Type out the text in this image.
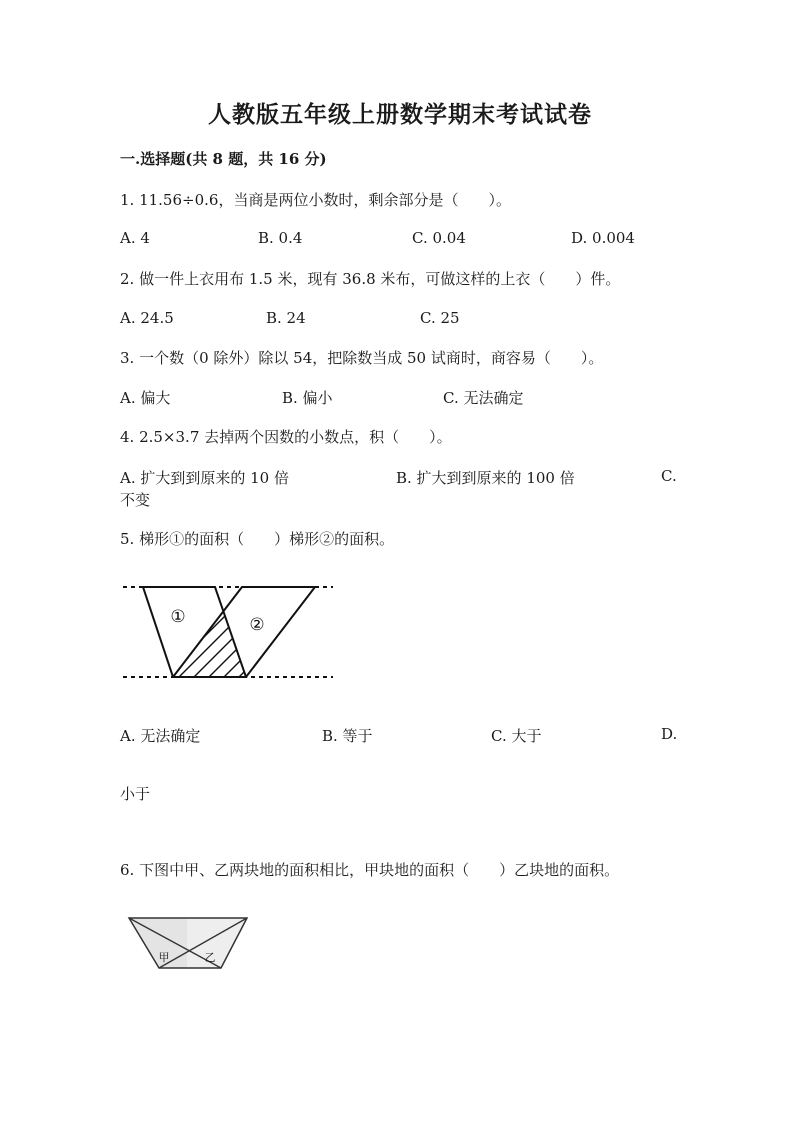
人教版五年级上册数学期末考试试卷
一.选择题(共 8 题，共 16 分)
1. 11.56÷0.6，当商是两位小数时，剩余部分是（　　）。
A. 4	B. 0.4	C. 0.04	D. 0.004
2. 做一件上衣用布 1.5 米，现有 36.8 米布，可做这样的上衣（　　）件。
A. 24.5	B. 24	C. 25
3. 一个数（0 除外）除以 54，把除数当成 50 试商时，商容易（　　）。
A. 偏大	B. 偏小	C. 无法确定
4. 2.5×3.7 去掉两个因数的小数点，积（　　）。
A. 扩大到到原来的 10 倍	B. 扩大到到原来的 100 倍	C.
不变
5. 梯形①的面积（　　）梯形②的面积。
①	②
A. 无法确定	B. 等于	C. 大于	D.
小于
6. 下图中甲、乙两块地的面积相比，甲块地的面积（　　）乙块地的面积。
甲	乙
